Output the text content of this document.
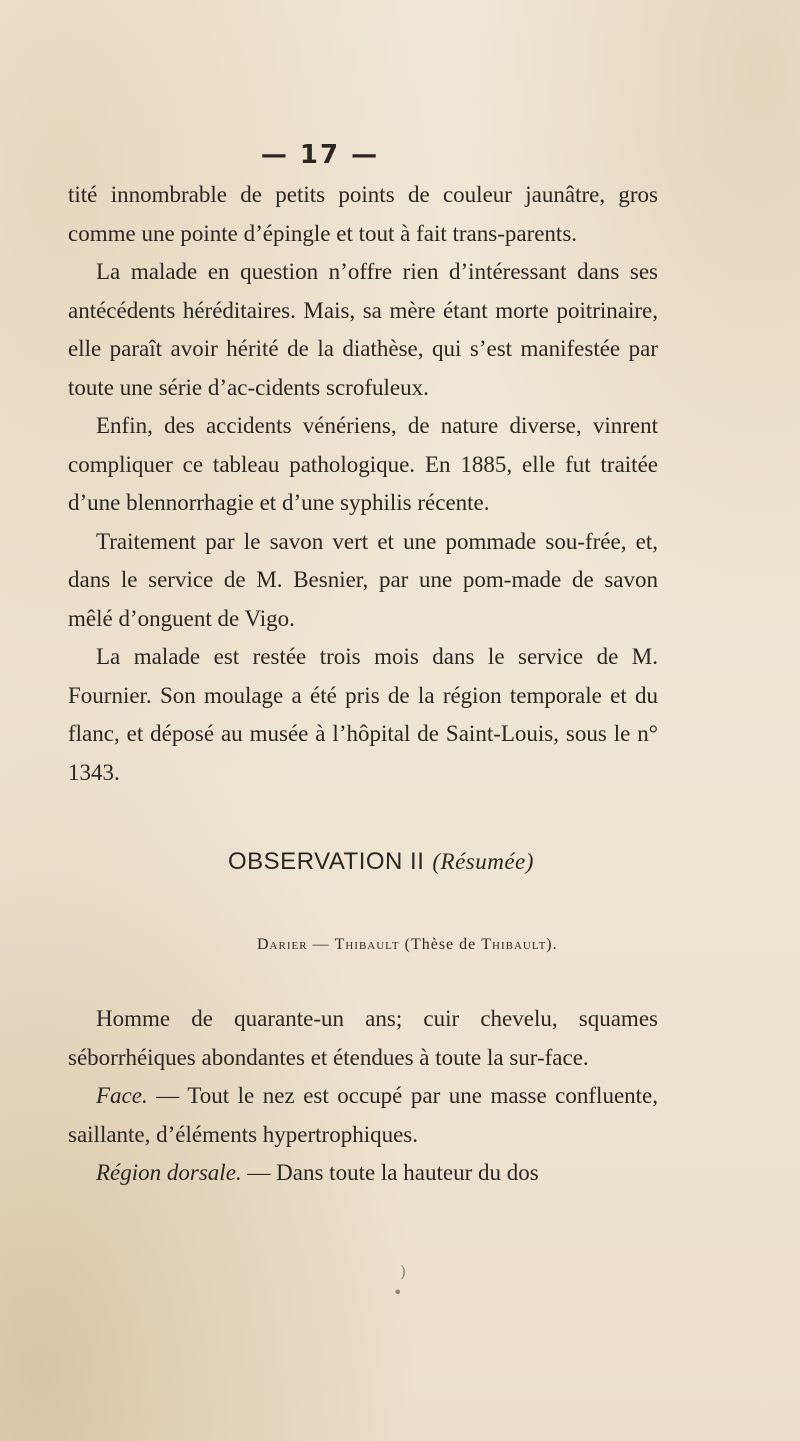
— 17 —

tité innombrable de petits points de couleur jaunâtre, gros comme une pointe d’épingle et tout à fait trans-parents.

La malade en question n’offre rien d’intéressant dans ses antécédents héréditaires. Mais, sa mère étant morte poitrinaire, elle paraît avoir hérité de la diathèse, qui s’est manifestée par toute une série d’ac-cidents scrofuleux.

Enfin, des accidents vénériens, de nature diverse, vinrent compliquer ce tableau pathologique. En 1885, elle fut traitée d’une blennorrhagie et d’une syphilis récente.

Traitement par le savon vert et une pommade sou-frée, et, dans le service de M. Besnier, par une pom-made de savon mêlé d’onguent de Vigo.

La malade est restée trois mois dans le service de M. Fournier. Son moulage a été pris de la région temporale et du flanc, et déposé au musée à l’hôpital de Saint-Louis, sous le n° 1343.

OBSERVATION II (Résumée)
Darier — Thibault (Thèse de Thibault).

Homme de quarante-un ans; cuir chevelu, squames séborrhéiques abondantes et étendues à toute la sur-face.

Face. — Tout le nez est occupé par une masse confluente, saillante, d’éléments hypertrophiques.

Région dorsale. — Dans toute la hauteur du dos

)
•
